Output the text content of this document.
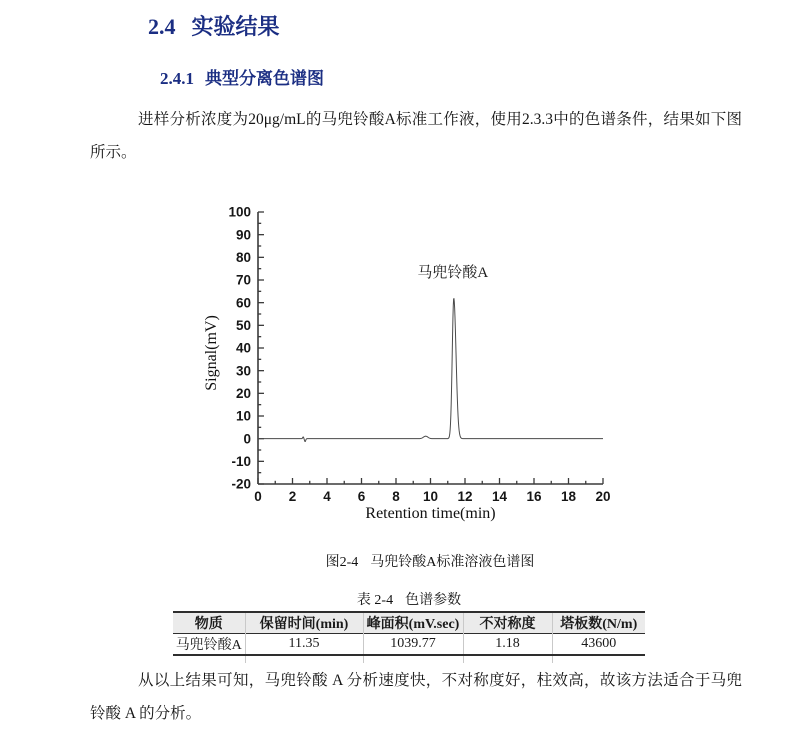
2.4 实验结果
2.4.1 典型分离色谱图
进样分析浓度为20μg/mL的马兜铃酸A标准工作液，使用2.3.3中的色谱条件，结果如下图所示。
-20
-10
0
10
20
30
40
50
60
70
80
90
100
0 2 4 6 8 10 12 14 16 18 20
Signal(mV)
Retention time(min)
马兜铃酸A
图2-4 马兜铃酸A标准溶液色谱图
表 2-4 色谱参数
物质	保留时间(min)	峰面积(mV.sec)	不对称度	塔板数(N/m)
马兜铃酸A	11.35	1039.77	1.18	43600
从以上结果可知，马兜铃酸 A 分析速度快，不对称度好，柱效高，故该方法适合于马兜铃酸 A 的分析。
